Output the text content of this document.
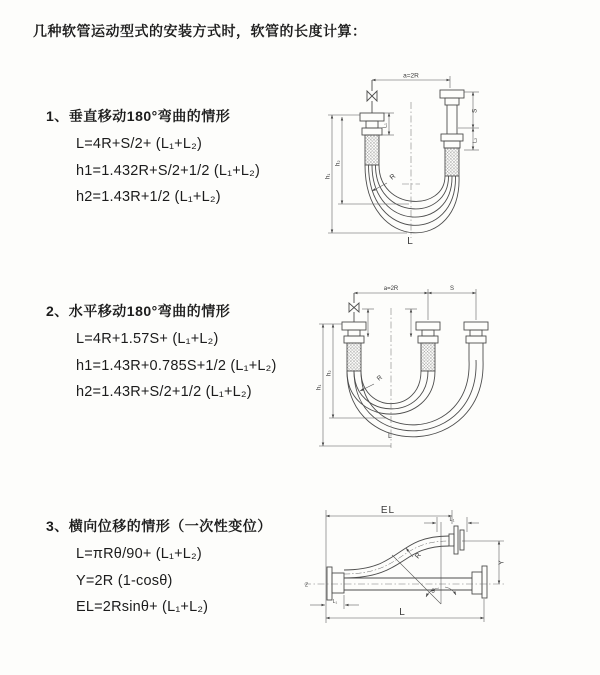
几种软管运动型式的安装方式时，软管的长度计算：

1、垂直移动180°弯曲的情形

L=4R+S/2+ (L₁+L₂)

h1=1.432R+S/2+1/2 (L₁+L₂)

h2=1.43R+1/2 (L₁+L₂)

2、水平移动180°弯曲的情形

L=4R+1.57S+ (L₁+L₂)

h1=1.43R+0.785S+1/2 (L₁+L₂)

h2=1.43R+S/2+1/2 (L₁+L₂)

3、横向位移的情形（一次性变位）

L=πRθ/90+ (L₁+L₂)

Y=2R (1-cosθ)

EL=2Rsinθ+ (L₁+L₂)

a=2R
h₁
h₂
L₁
S
L₂
R
L
a=2R	S
h₁
h₂
R
L
EL
L₁
Y
R
θ
L
L₁
Z
